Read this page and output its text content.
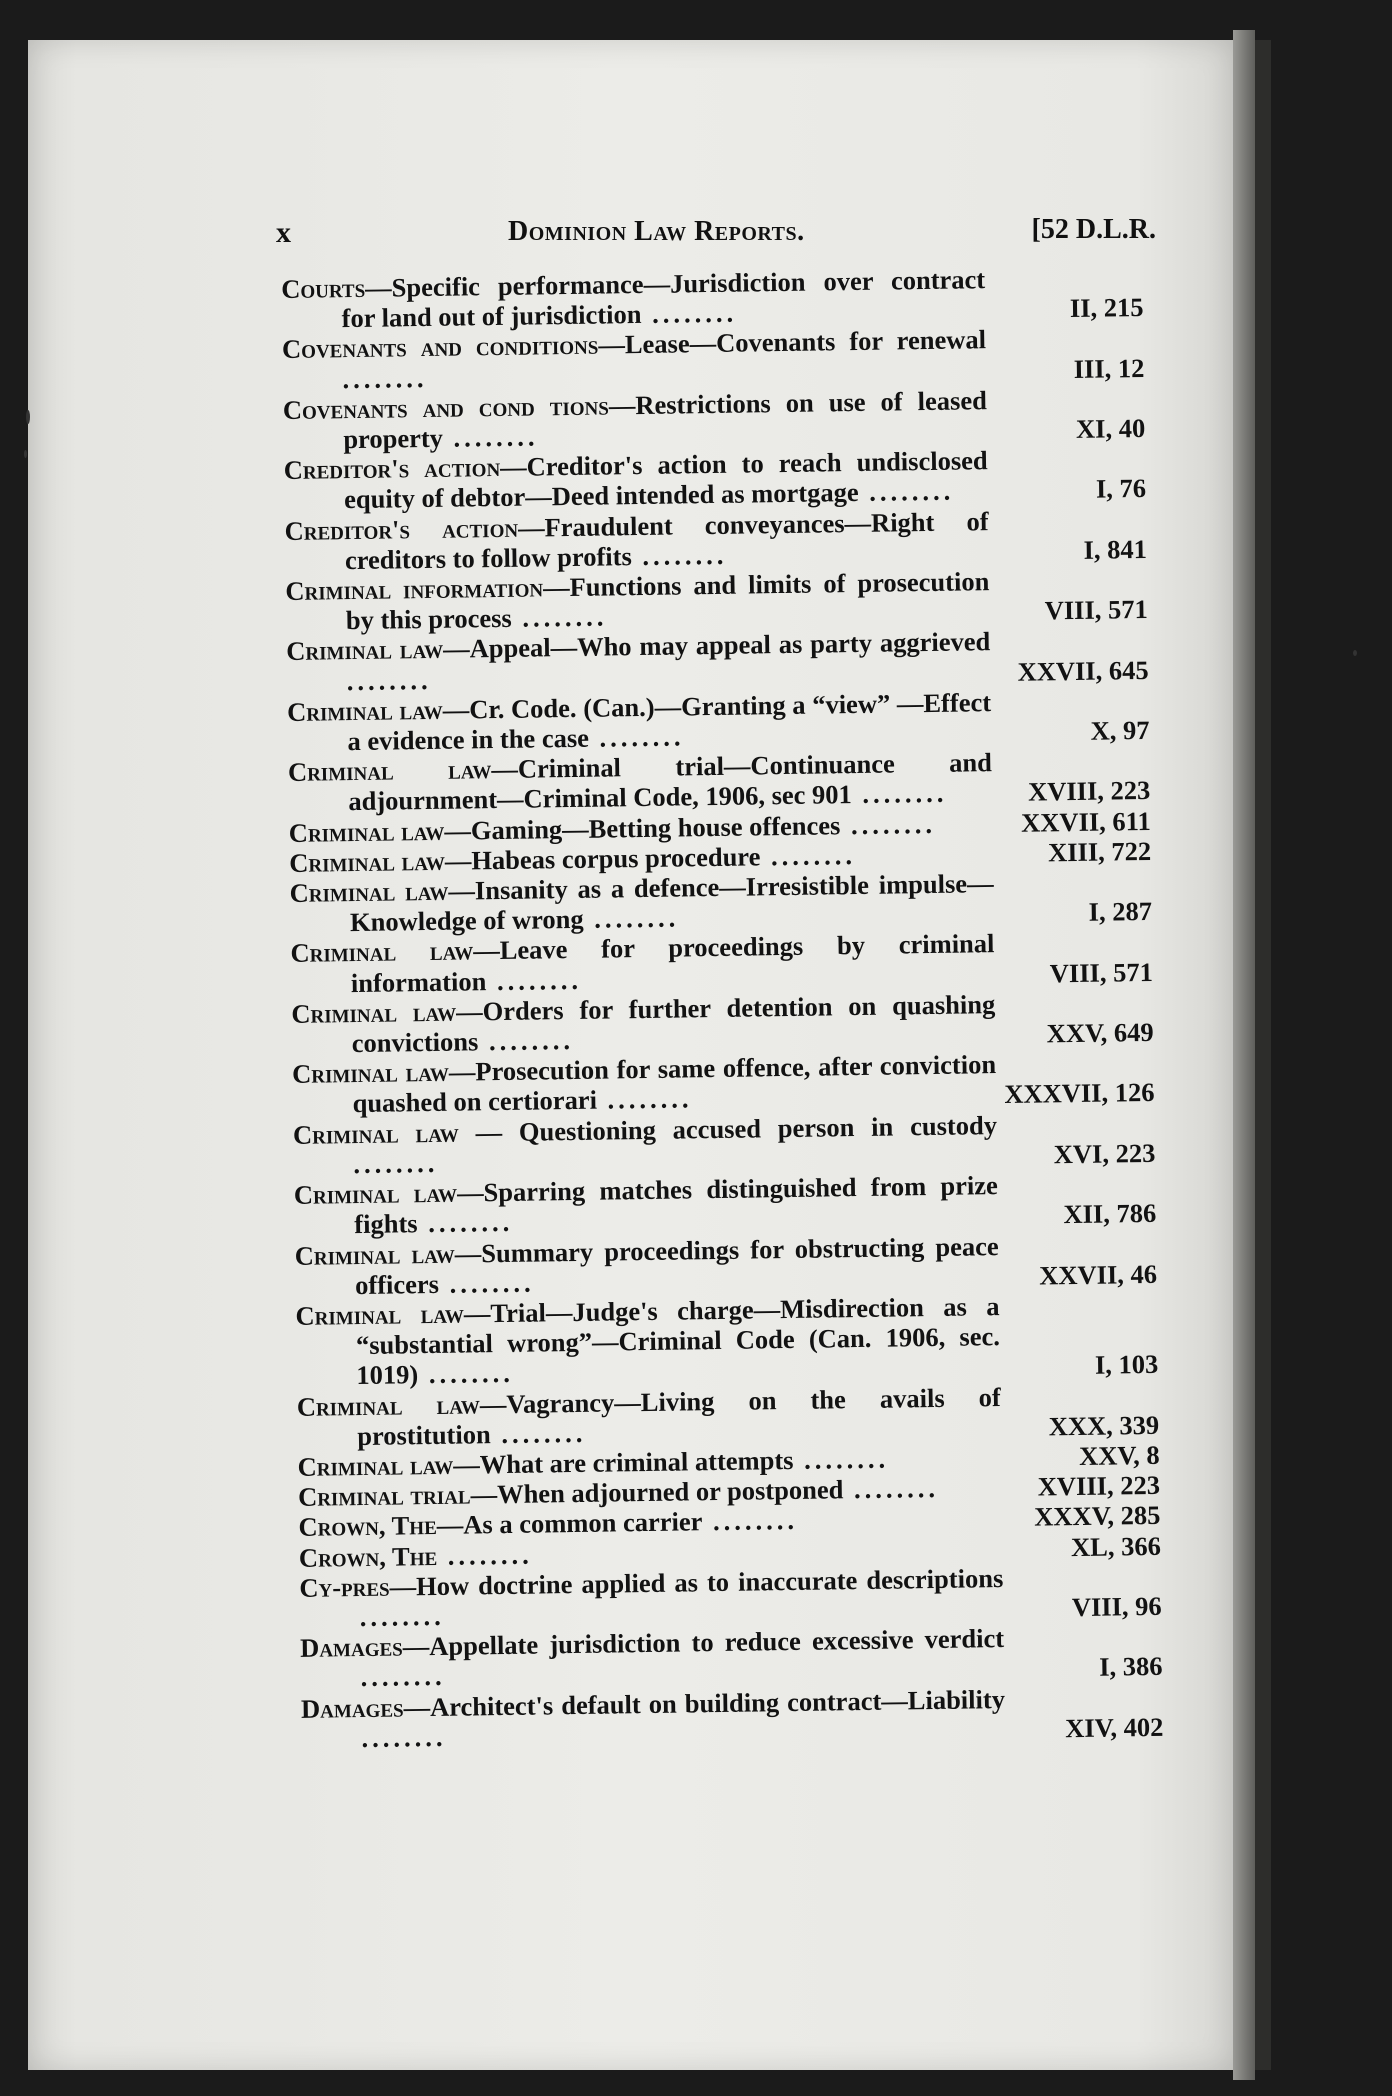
x	Dominion Law Reports.	[52 D.L.R.
Courts—Specific performance—Jurisdiction over contract for land out of jurisdiction ........	II, 215
Covenants and conditions—Lease—Covenants for renewal ........	III, 12
Covenants and cond tions—Restrictions on use of leased property ........	XI, 40
Creditor's action—Creditor's action to reach undisclosed equity of debtor—Deed intended as mortgage ........	I, 76
Creditor's action—Fraudulent conveyances—Right of creditors to follow profits ........	I, 841
Criminal information—Functions and limits of prosecution by this process ........	VIII, 571
Criminal law—Appeal—Who may appeal as party aggrieved ........	XXVII, 645
Criminal law—Cr. Code. (Can.)—Granting a “view” —Effect a evidence in the case ........	X, 97
Criminal law—Criminal trial—Continuance and adjournment—Criminal Code, 1906, sec 901 ........	XVIII, 223
Criminal law—Gaming—Betting house offences ........	XXVII, 611
Criminal law—Habeas corpus procedure ........	XIII, 722
Criminal law—Insanity as a defence—Irresistible impulse—Knowledge of wrong ........	I, 287
Criminal law—Leave for proceedings by criminal information ........	VIII, 571
Criminal law—Orders for further detention on quashing convictions ........	XXV, 649
Criminal law—Prosecution for same offence, after conviction quashed on certiorari ........	XXXVII, 126
Criminal law — Questioning accused person in custody ........	XVI, 223
Criminal law—Sparring matches distinguished from prize fights ........	XII, 786
Criminal law—Summary proceedings for obstructing peace officers ........	XXVII, 46
Criminal law—Trial—Judge's charge—Misdirection as a “substantial wrong”—Criminal Code (Can. 1906, sec. 1019) ........	I, 103
Criminal law—Vagrancy—Living on the avails of prostitution ........	XXX, 339
Criminal law—What are criminal attempts ........	XXV, 8
Criminal trial—When adjourned or postponed ........	XVIII, 223
Crown, The—As a common carrier ........	XXXV, 285
Crown, The ........	XL, 366
Cy-pres—How doctrine applied as to inaccurate descriptions ........	VIII, 96
Damages—Appellate jurisdiction to reduce excessive verdict ........	I, 386
Damages—Architect's default on building contract—Liability ........	XIV, 402
